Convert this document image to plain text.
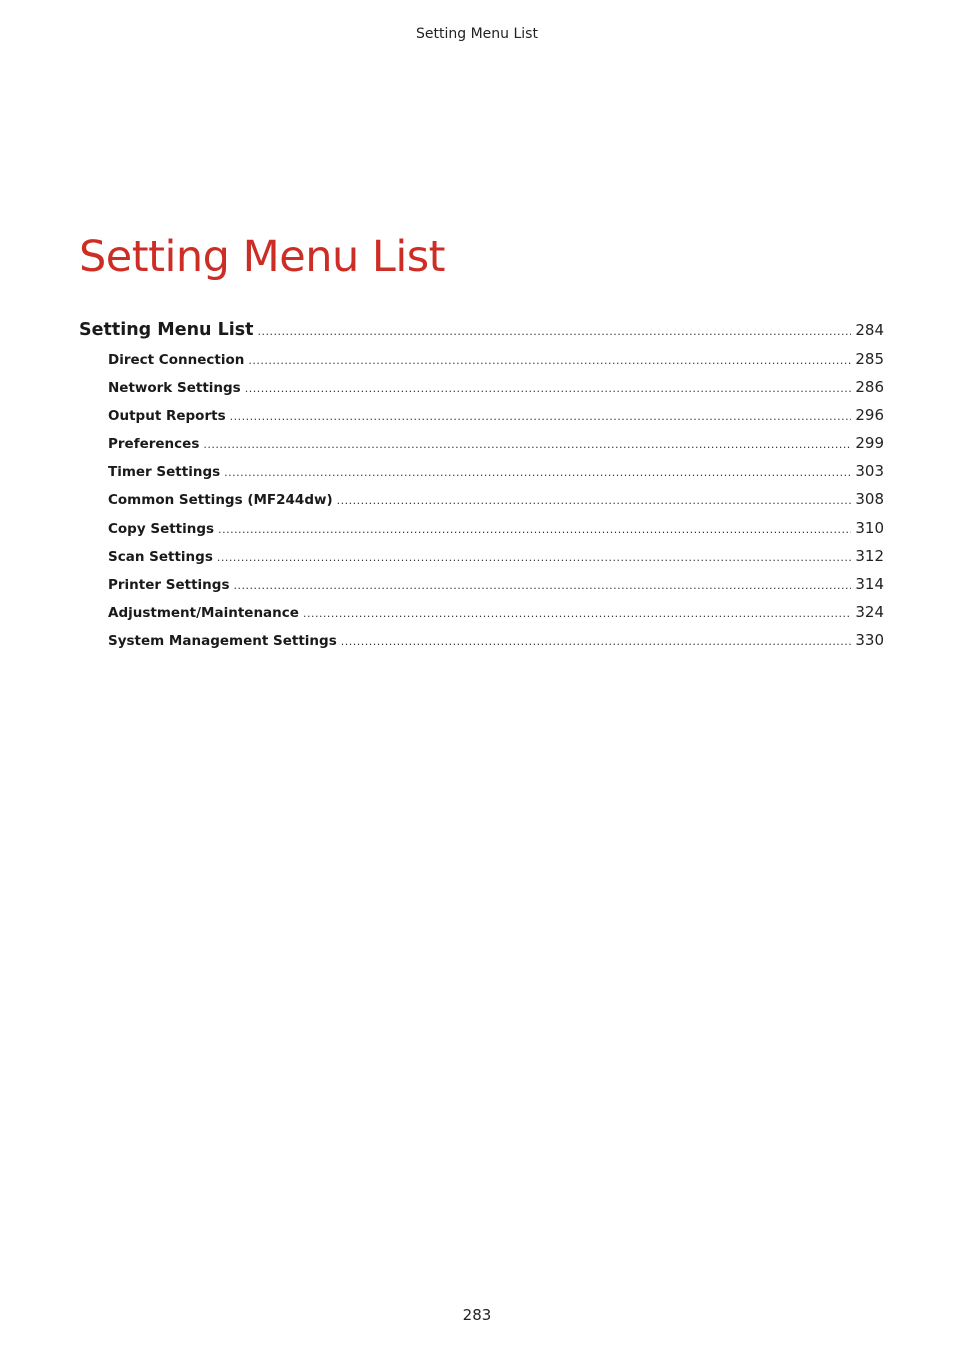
Setting Menu List
Setting Menu List
Setting Menu List .....	284
Direct Connection .....	285
Network Settings .....	286
Output Reports .....	296
Preferences .....	299
Timer Settings .....	303
Common Settings (MF244dw) .....	308
Copy Settings .....	310
Scan Settings .....	312
Printer Settings .....	314
Adjustment/Maintenance .....	324
System Management Settings .....	330
283
